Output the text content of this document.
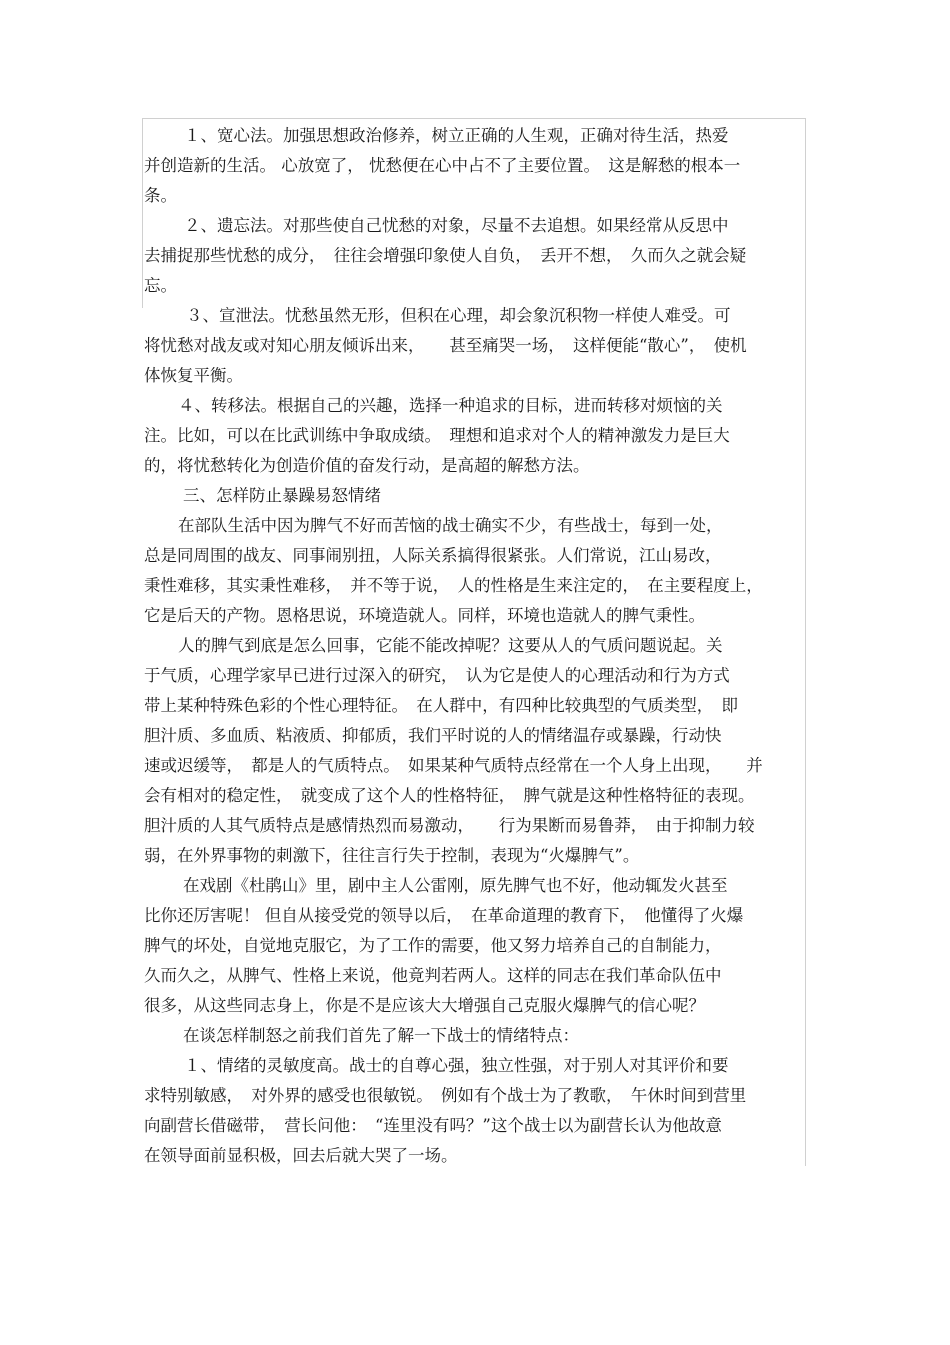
１、宽心法。加强思想政治修养，树立正确的人生观，正确对待生活，热爱
并创造新的生活。 心放宽了， 忧愁便在心中占不了主要位置。　这是解愁的根本一
条。
２、遗忘法。对那些使自己忧愁的对象，尽量不去追想。如果经常从反思中
去捕捉那些忧愁的成分，　往往会增强印象使人自负，　丢开不想，　久而久之就会疑
忘。
３、宣泄法。忧愁虽然无形，但积在心理，却会象沉积物一样使人难受。可
将忧愁对战友或对知心朋友倾诉出来，　　甚至痛哭一场，　这样便能“散心”，　使机
体恢复平衡。
４、转移法。根据自己的兴趣，选择一种追求的目标，进而转移对烦恼的关
注。比如，可以在比武训练中争取成绩。　理想和追求对个人的精神激发力是巨大
的，将忧愁转化为创造价值的奋发行动，是高超的解愁方法。
三、怎样防止暴躁易怒情绪
在部队生活中因为脾气不好而苦恼的战士确实不少，有些战士，每到一处，
总是同周围的战友、同事闹别扭，人际关系搞得很紧张。人们常说，江山易改，
秉性难移，其实秉性难移，　并不等于说，　人的性格是生来注定的，　在主要程度上，
它是后天的产物。恩格思说，环境造就人。同样，环境也造就人的脾气秉性。
人的脾气到底是怎么回事，它能不能改掉呢？这要从人的气质问题说起。关
于气质，心理学家早已进行过深入的研究，　认为它是使人的心理活动和行为方式
带上某种特殊色彩的个性心理特征。　在人群中，有四种比较典型的气质类型，　即
胆汁质、多血质、粘液质、抑郁质，我们平时说的人的情绪温存或暴躁，行动快
速或迟缓等，　都是人的气质特点。　如果某种气质特点经常在一个人身上出现，　　并
会有相对的稳定性，　就变成了这个人的性格特征，　脾气就是这种性格特征的表现。
胆汁质的人其气质特点是感情热烈而易激动，　　行为果断而易鲁莽，　由于抑制力较
弱，在外界事物的刺激下，往往言行失于控制，表现为“火爆脾气”。
在戏剧《杜鹃山》里，剧中主人公雷刚，原先脾气也不好，他动辄发火甚至
比你还厉害呢！ 但自从接受党的领导以后，　在革命道理的教育下，　他懂得了火爆
脾气的坏处，自觉地克服它，为了工作的需要，他又努力培养自己的自制能力，
久而久之，从脾气、性格上来说，他竟判若两人。这样的同志在我们革命队伍中
很多，从这些同志身上，你是不是应该大大增强自己克服火爆脾气的信心呢？
在谈怎样制怒之前我们首先了解一下战士的情绪特点：
１、情绪的灵敏度高。战士的自尊心强，独立性强，对于别人对其评价和要
求特别敏感，　对外界的感受也很敏锐。　例如有个战士为了教歌，　午休时间到营里
向副营长借磁带，　营长问他：　“连里没有吗？”这个战士以为副营长认为他故意
在领导面前显积极，回去后就大哭了一场。
